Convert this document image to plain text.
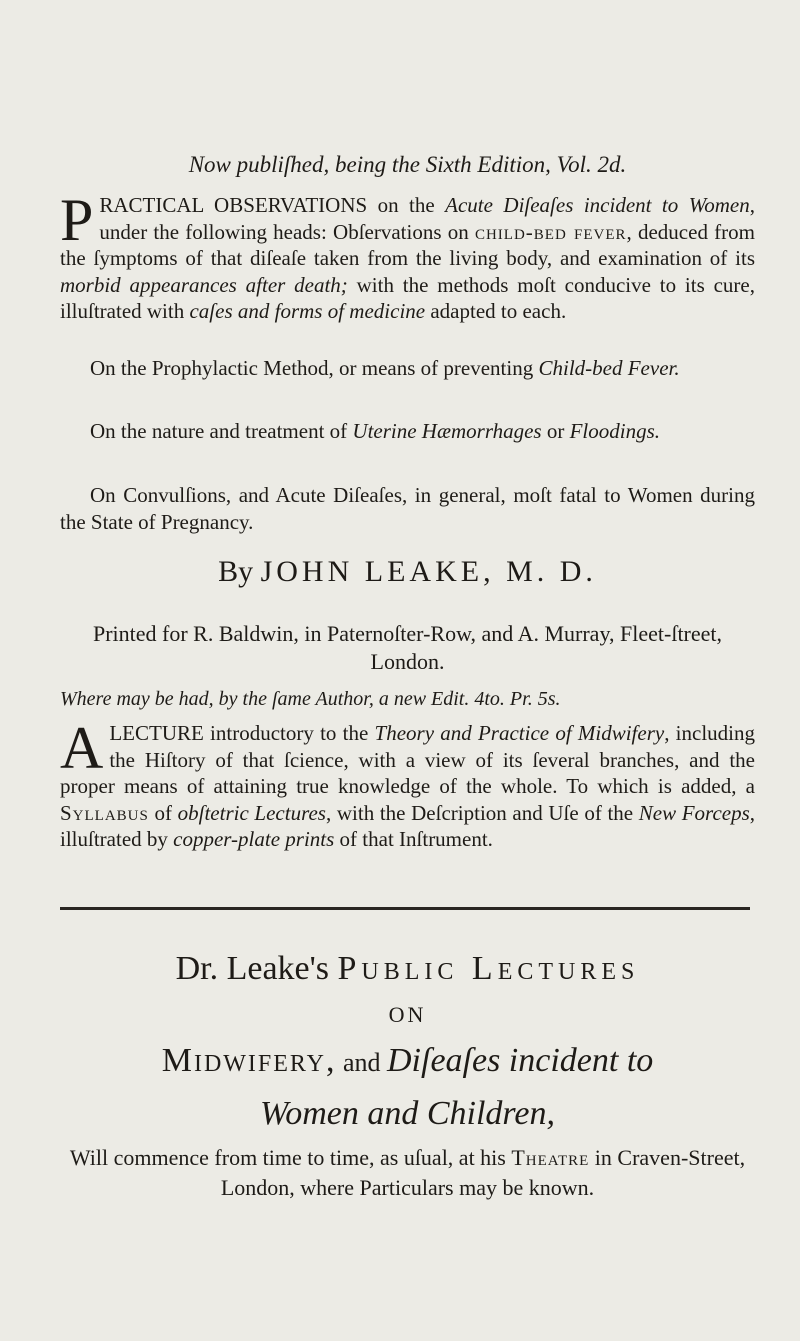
Now publiſhed, being the Sixth Edition, Vol. 2d.

PRACTICAL OBSERVATIONS on the Acute Diſeaſes incident to Women, under the following heads: Obſervations on child-bed fever, deduced from the ſymptoms of that diſeaſe taken from the living body, and examination of its morbid appearances after death; with the methods moſt conducive to its cure, illuſtrated with caſes and forms of medicine adapted to each.

On the Prophylactic Method, or means of preventing Child-bed Fever.

On the nature and treatment of Uterine Hæmorrhages or Floodings.

On Convulſions, and Acute Diſeaſes, in general, moſt fatal to Women during the State of Pregnancy.

By JOHN LEAKE, M. D.

Printed for R. Baldwin, in Paternoſter-Row, and A. Murray, Fleet-ſtreet, London.

Where may be had, by the ſame Author, a new Edit. 4to. Pr. 5s.

A LECTURE introductory to the Theory and Practice of Midwifery, including the Hiſtory of that ſcience, with a view of its ſeveral branches, and the proper means of attaining true knowledge of the whole. To which is added, a Syllabus of obſtetric Lectures, with the Deſcription and Uſe of the New Forceps, illuſtrated by copper-plate prints of that Inſtrument.

Dr. Leake's Public Lectures
ON
Midwifery, and Diſeaſes incident to
Women and Children,

Will commence from time to time, as uſual, at his Theatre in Craven-Street, London, where Particulars may be known.
